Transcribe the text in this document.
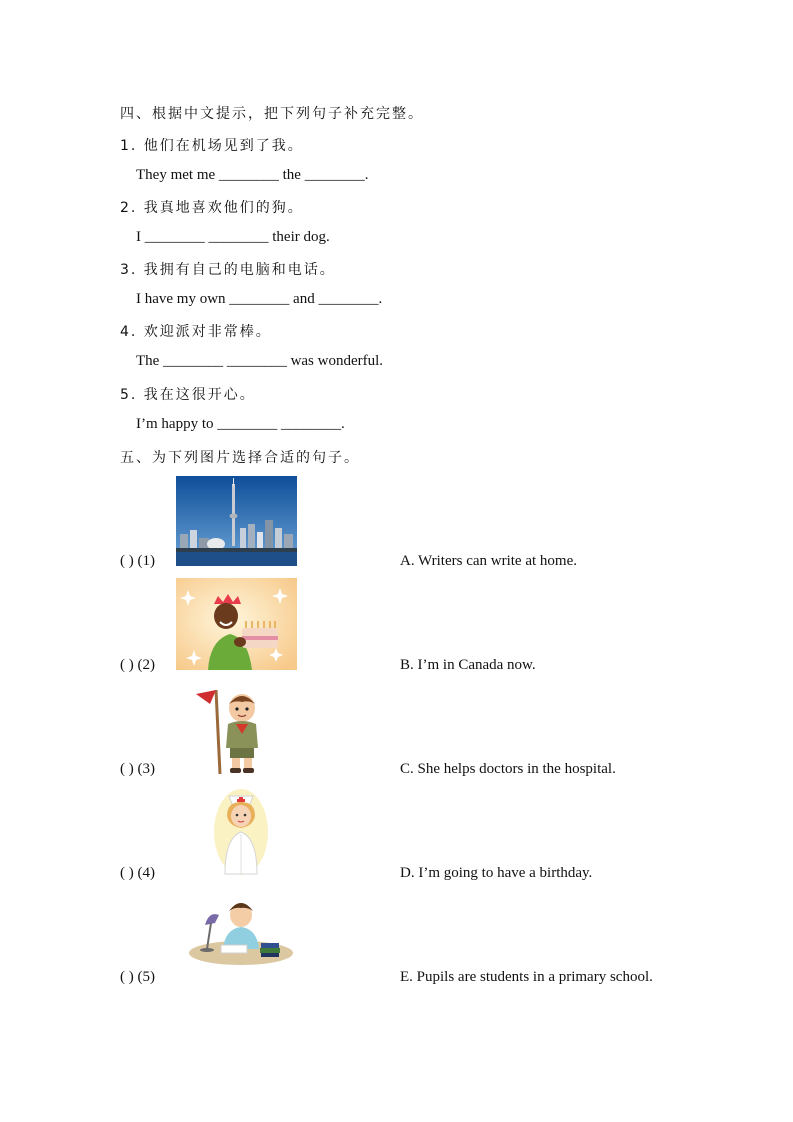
四、根据中文提示，把下列句子补充完整。
1. 他们在机场见到了我。
They met me ________ the ________.
2. 我真地喜欢他们的狗。
I ________ ________ their dog.
3. 我拥有自己的电脑和电话。
I have my own ________ and ________.
4. 欢迎派对非常棒。
The ________ ________ was wonderful.
5. 我在这很开心。
I’m happy to ________ ________.
五、为下列图片选择合适的句子。
( ) (1)	A. Writers can write at home.
( ) (2)	B. I’m in Canada now.
( ) (3)	C. She helps doctors in the hospital.
( ) (4)	D. I’m going to have a birthday.
( ) (5)	E. Pupils are students in a primary school.
